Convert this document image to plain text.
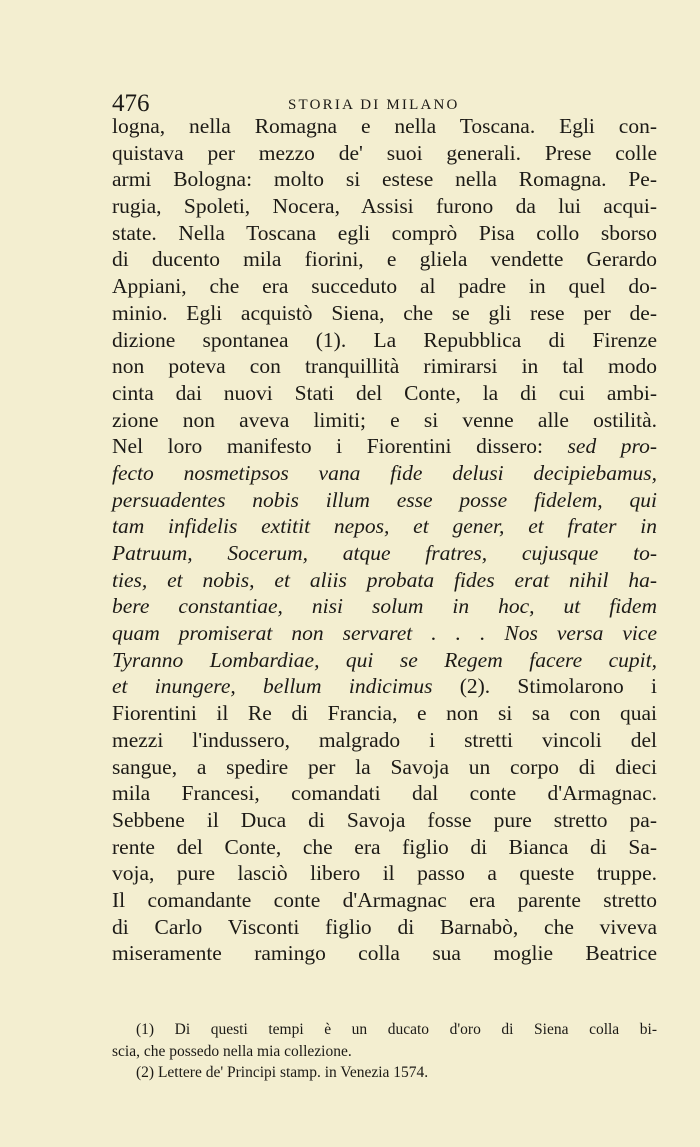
476	STORIA DI MILANO
logna, nella Romagna e nella Toscana. Egli con-
quistava per mezzo de' suoi generali. Prese colle
armi Bologna: molto si estese nella Romagna. Pe-
rugia, Spoleti, Nocera, Assisi furono da lui acqui-
state. Nella Toscana egli comprò Pisa collo sborso
di ducento mila fiorini, e gliela vendette Gerardo
Appiani, che era succeduto al padre in quel do-
minio. Egli acquistò Siena, che se gli rese per de-
dizione spontanea (1). La Repubblica di Firenze
non poteva con tranquillità rimirarsi in tal modo
cinta dai nuovi Stati del Conte, la di cui ambi-
zione non aveva limiti; e si venne alle ostilità.
Nel loro manifesto i Fiorentini dissero: sed pro-
fecto nosmetipsos vana fide delusi decipiebamus,
persuadentes nobis illum esse posse fidelem, qui
tam infidelis extitit nepos, et gener, et frater in
Patruum, Socerum, atque fratres, cujusque to-
ties, et nobis, et aliis probata fides erat nihil ha-
bere constantiae, nisi solum in hoc, ut fidem
quam promiserat non servaret . . . Nos versa vice
Tyranno Lombardiae, qui se Regem facere cupit,
et inungere, bellum indicimus (2). Stimolarono i
Fiorentini il Re di Francia, e non si sa con quai
mezzi l'indussero, malgrado i stretti vincoli del
sangue, a spedire per la Savoja un corpo di dieci
mila Francesi, comandati dal conte d'Armagnac.
Sebbene il Duca di Savoja fosse pure stretto pa-
rente del Conte, che era figlio di Bianca di Sa-
voja, pure lasciò libero il passo a queste truppe.
Il comandante conte d'Armagnac era parente stretto
di Carlo Visconti figlio di Barnabò, che viveva
miseramente ramingo colla sua moglie Beatrice
(1) Di questi tempi è un ducato d'oro di Siena colla bi-
scia, che possedo nella mia collezione.
(2) Lettere de' Principi stamp. in Venezia 1574.
